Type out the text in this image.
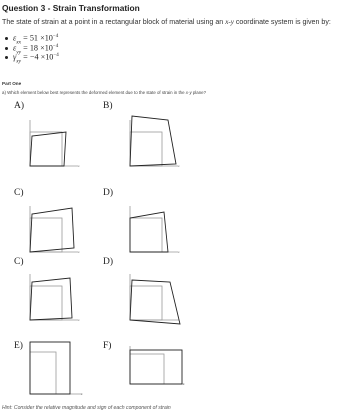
Question 3 - Strain Transformation
The state of strain at a point in a rectangular block of material using an x-y coordinate system is given by:
$\varepsilon_{xx} = 51 \times 10^{-4}$
$\varepsilon_{yy} = 18 \times 10^{-4}$
$\gamma_{xy} = -4 \times 10^{-4}$
Part One
a) Which element below best represents the deformed element due to the state of strain in the x-y plane?
A)
x
B)
x
C)
x
D)
x
C)
x
D)
x
E)
x
F)
x
Hint: Consider the relative magnitude and sign of each component of strain
